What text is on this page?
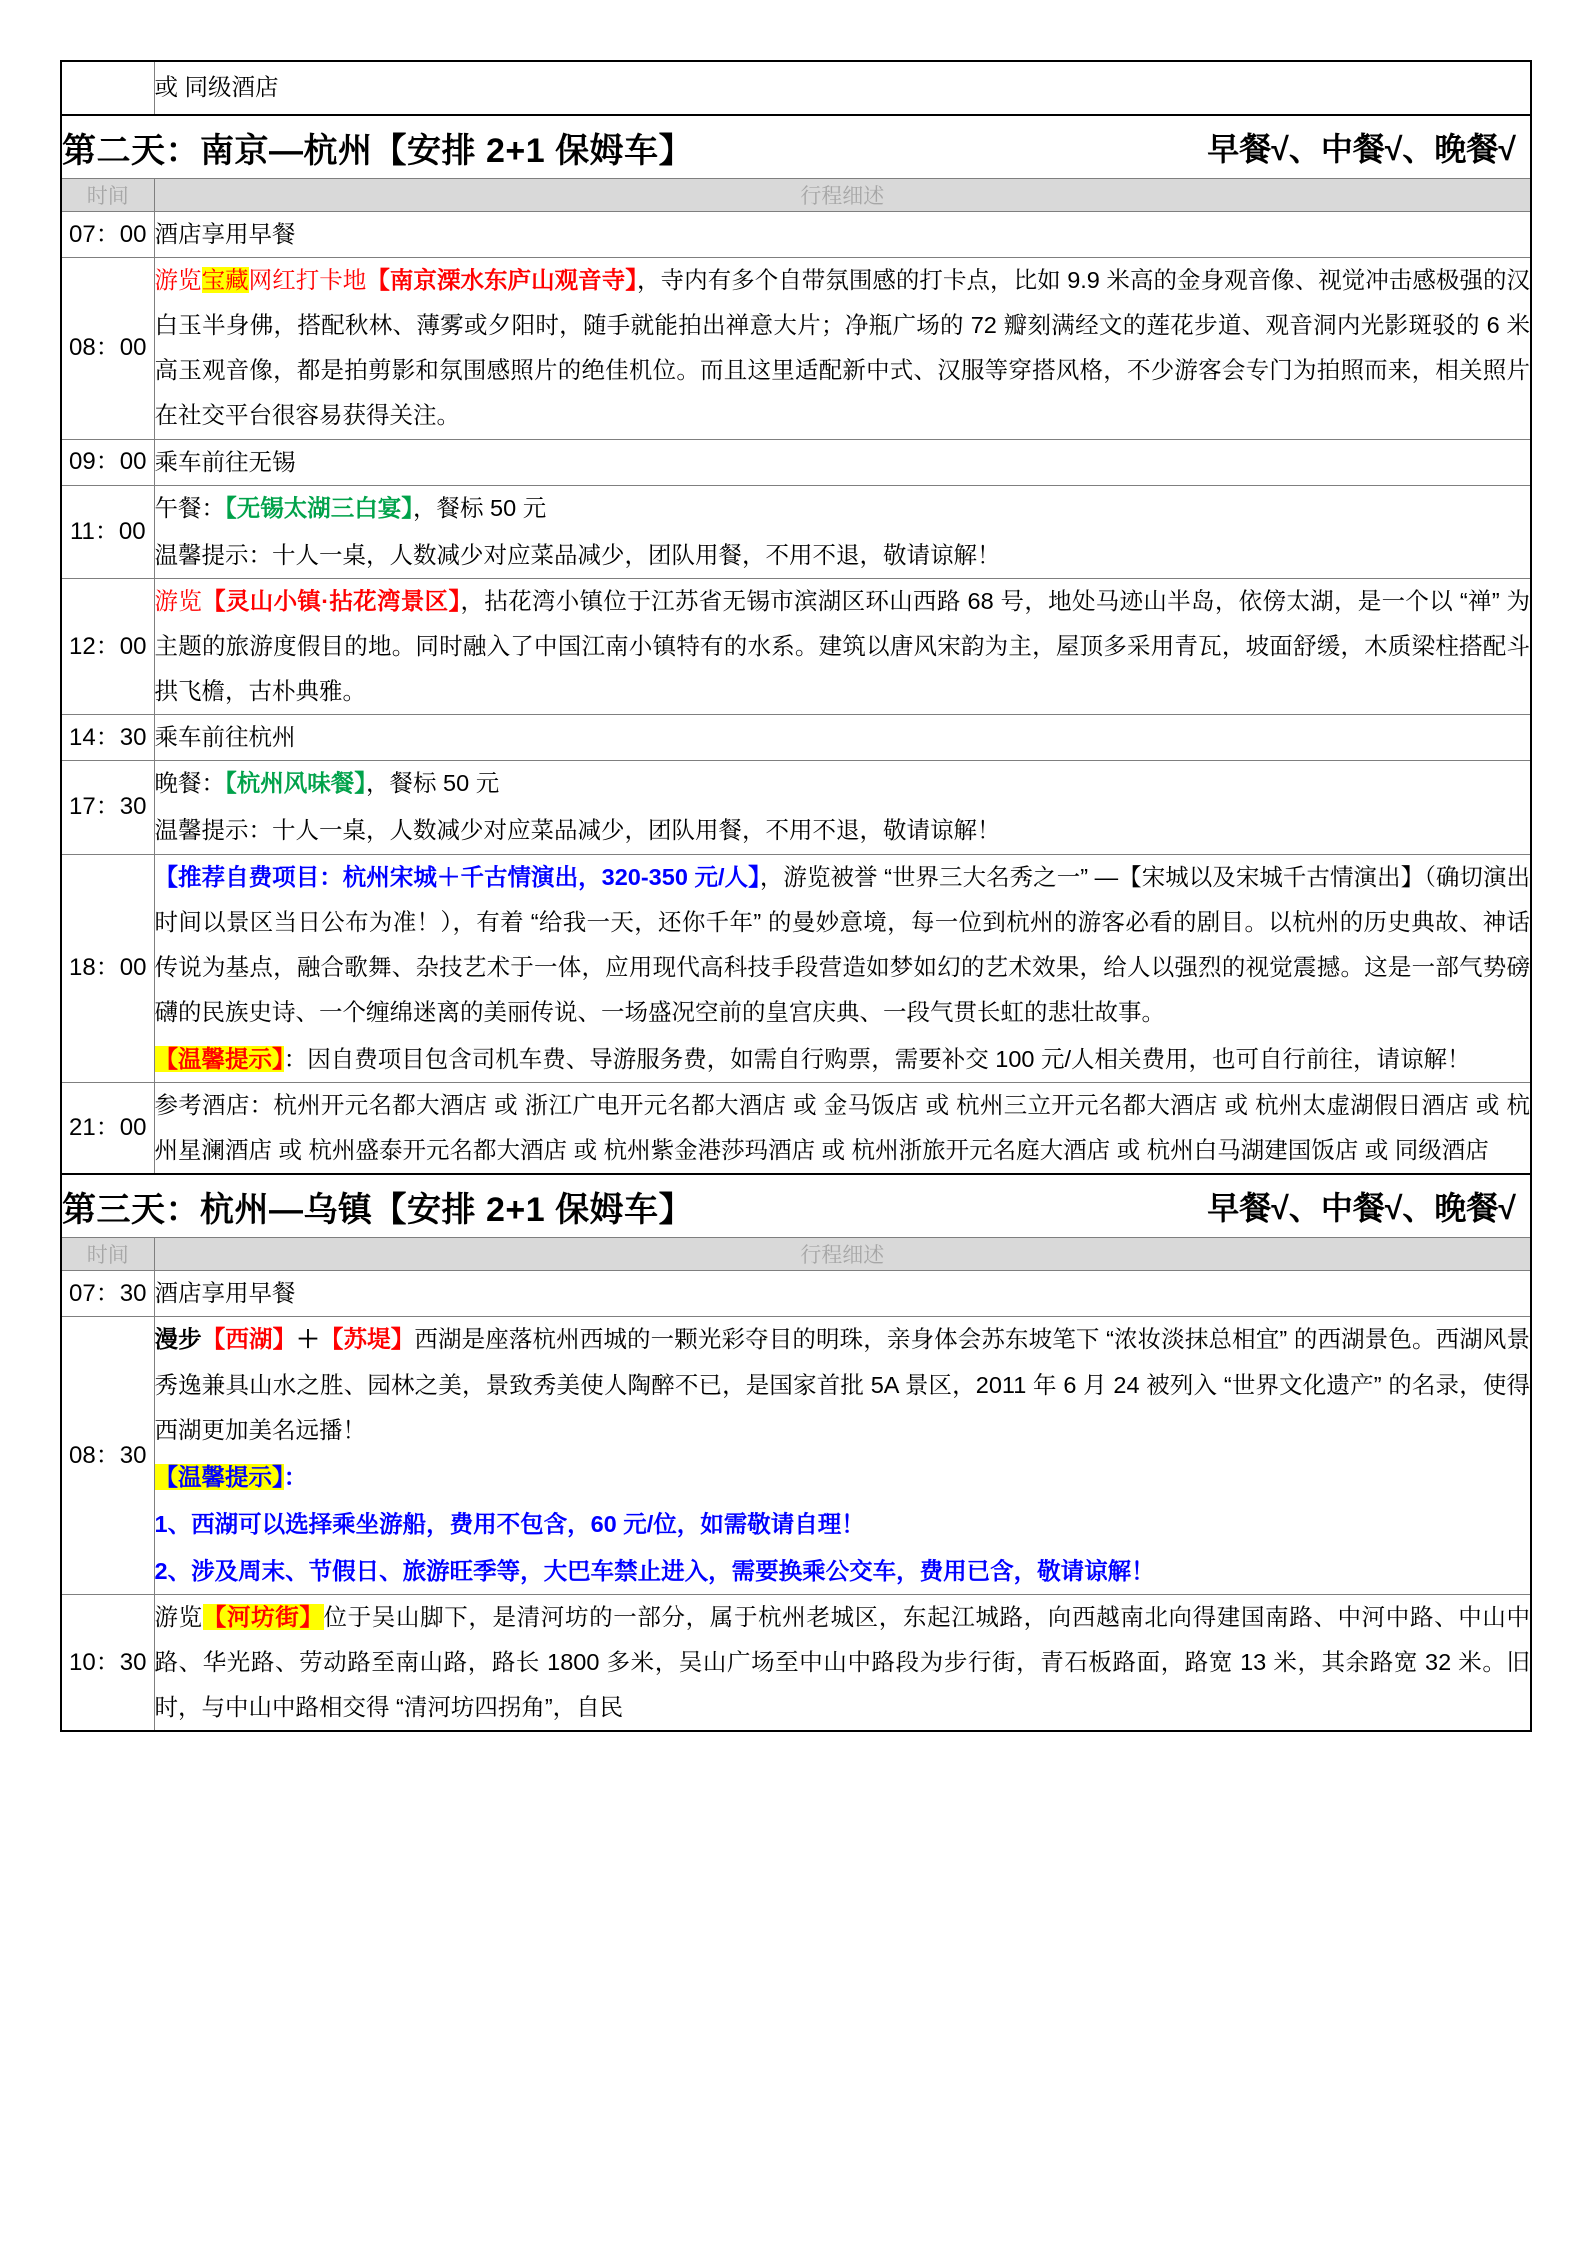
	或 同级酒店

第二天：南京—杭州【安排 2+1 保姆车】 早餐√、中餐√、晚餐√	

时间	行程细述
07：00	酒店享用早餐

08：00	游览宝藏网红打卡地【南京溧水东庐山观音寺】，寺内有多个自带氛围感的打卡点，比如 9.9 米高的金身观音像、视觉冲击感极强的汉白玉半身佛，搭配秋林、薄雾或夕阳时，随手就能拍出禅意大片；净瓶广场的 72 瓣刻满经文的莲花步道、观音洞内光影斑驳的 6 米高玉观音像，都是拍剪影和氛围感照片的绝佳机位。而且这里适配新中式、汉服等穿搭风格，不少游客会专门为拍照而来，相关照片在社交平台很容易获得关注。

09：00	乘车前往无锡

11：00	午餐：【无锡太湖三白宴】，餐标 50 元

温馨提示：十人一桌，人数减少对应菜品减少，团队用餐，不用不退，敬请谅解！

12：00	游览【灵山小镇·拈花湾景区】，拈花湾小镇位于江苏省无锡市滨湖区环山西路 68 号，地处马迹山半岛，依傍太湖，是一个以 “禅” 为主题的旅游度假目的地。同时融入了中国江南小镇特有的水系。建筑以唐风宋韵为主，屋顶多采用青瓦，坡面舒缓，木质梁柱搭配斗拱飞檐，古朴典雅。

14：30	乘车前往杭州

17：30	晚餐：【杭州风味餐】，餐标 50 元

温馨提示：十人一桌，人数减少对应菜品减少，团队用餐，不用不退，敬请谅解！

18：00	【推荐自费项目：杭州宋城＋千古情演出，320-350 元/人】，游览被誉 “世界三大名秀之一” —【宋城以及宋城千古情演出】（确切演出时间以景区当日公布为准！），有着 “给我一天，还你千年” 的曼妙意境，每一位到杭州的游客必看的剧目。以杭州的历史典故、神话传说为基点，融合歌舞、杂技艺术于一体，应用现代高科技手段营造如梦如幻的艺术效果，给人以强烈的视觉震撼。这是一部气势磅礴的民族史诗、一个缠绵迷离的美丽传说、一场盛况空前的皇宫庆典、一段气贯长虹的悲壮故事。

【温馨提示】：因自费项目包含司机车费、导游服务费，如需自行购票，需要补交 100 元/人相关费用，也可自行前往，请谅解！

21：00	参考酒店：杭州开元名都大酒店 或 浙江广电开元名都大酒店 或 金马饭店 或 杭州三立开元名都大酒店 或 杭州太虚湖假日酒店 或 杭州星澜酒店 或 杭州盛泰开元名都大酒店 或 杭州紫金港莎玛酒店 或 杭州浙旅开元名庭大酒店 或 杭州白马湖建国饭店 或 同级酒店

第三天：杭州—乌镇【安排 2+1 保姆车】 早餐√、中餐√、晚餐√	

时间	行程细述
07：30	酒店享用早餐

08：30	漫步【西湖】＋【苏堤】西湖是座落杭州西城的一颗光彩夺目的明珠，亲身体会苏东坡笔下 “浓妆淡抹总相宜” 的西湖景色。西湖风景秀逸兼具山水之胜、园林之美，景致秀美使人陶醉不已，是国家首批 5A 景区，2011 年 6 月 24 被列入 “世界文化遗产” 的名录，使得西湖更加美名远播！

【温馨提示】：

1、西湖可以选择乘坐游船，费用不包含，60 元/位，如需敬请自理！

2、涉及周末、节假日、旅游旺季等，大巴车禁止进入，需要换乘公交车，费用已含，敬请谅解！

10：30	游览【河坊街】位于吴山脚下，是清河坊的一部分，属于杭州老城区，东起江城路，向西越南北向得建国南路、中河中路、中山中路、华光路、劳动路至南山路，路长 1800 多米，吴山广场至中山中路段为步行街，青石板路面，路宽 13 米，其余路宽 32 米。旧时，与中山中路相交得 “清河坊四拐角”，自民
